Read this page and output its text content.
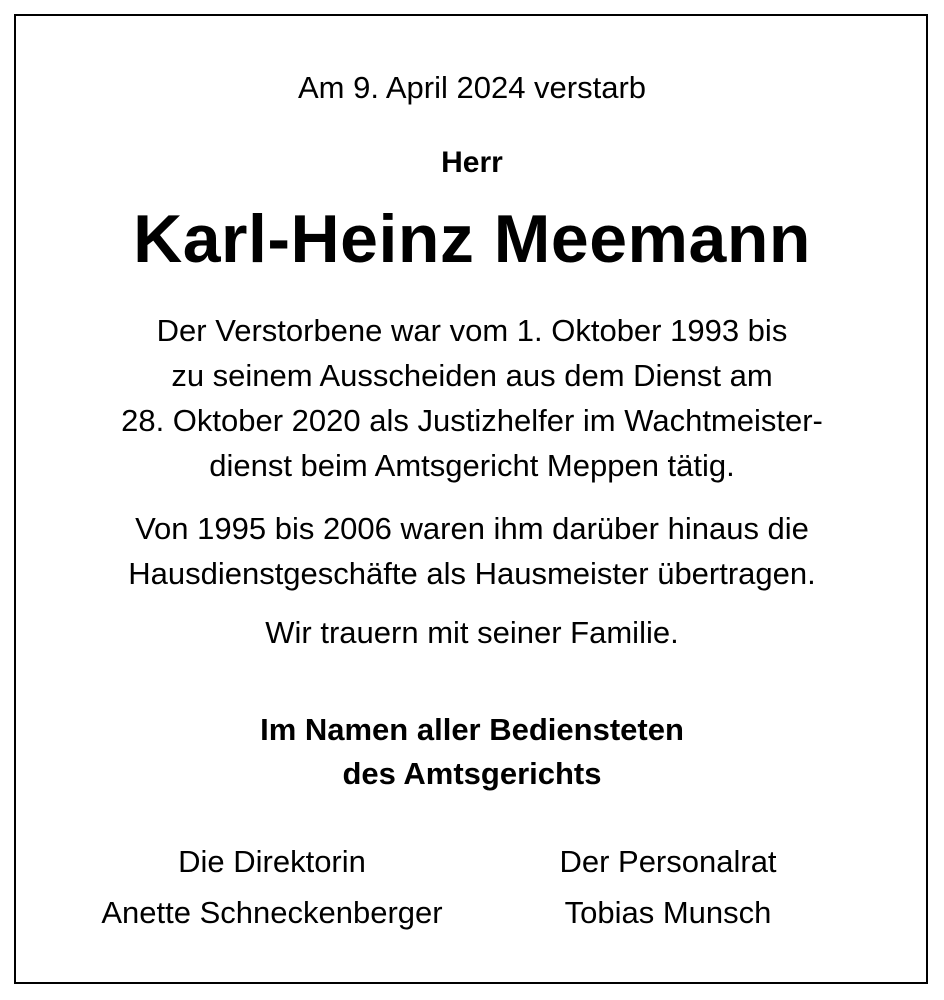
Am 9. April 2024 verstarb
Herr
Karl-Heinz Meemann
Der Verstorbene war vom 1. Oktober 1993 bis
zu seinem Ausscheiden aus dem Dienst am
28. Oktober 2020 als Justizhelfer im Wachtmeister-
dienst beim Amtsgericht Meppen tätig.
Von 1995 bis 2006 waren ihm darüber hinaus die
Hausdienstgeschäfte als Hausmeister übertragen.
Wir trauern mit seiner Familie.
Im Namen aller Bediensteten
des Amtsgerichts
Die Direktorin
Anette Schneckenberger
Der Personalrat
Tobias Munsch
